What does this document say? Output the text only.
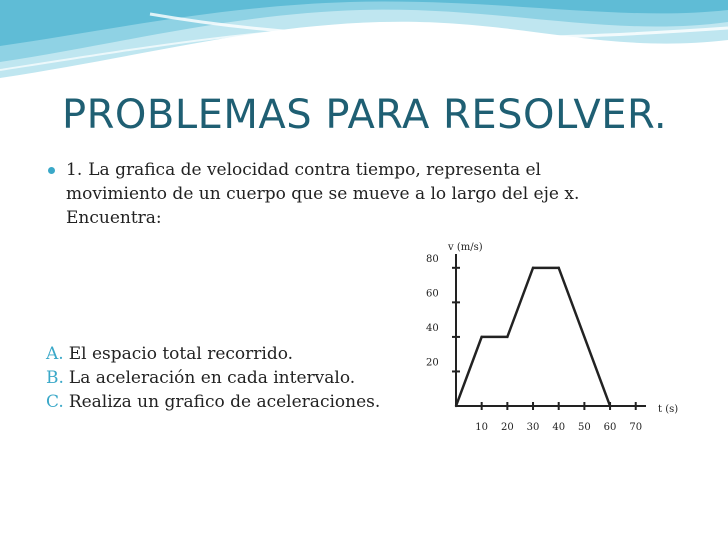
PROBLEMAS PARA RESOLVER.
1. La grafica de velocidad contra tiempo, representa el movimiento de un cuerpo que se mueve a lo largo del eje x. Encuentra:
A. El espacio total recorrido.
B. La aceleración en cada intervalo.
C. Realiza un grafico de aceleraciones.
v (m/s)
t (s)
10 20 30 40 50 60 70
20
40
60
80
